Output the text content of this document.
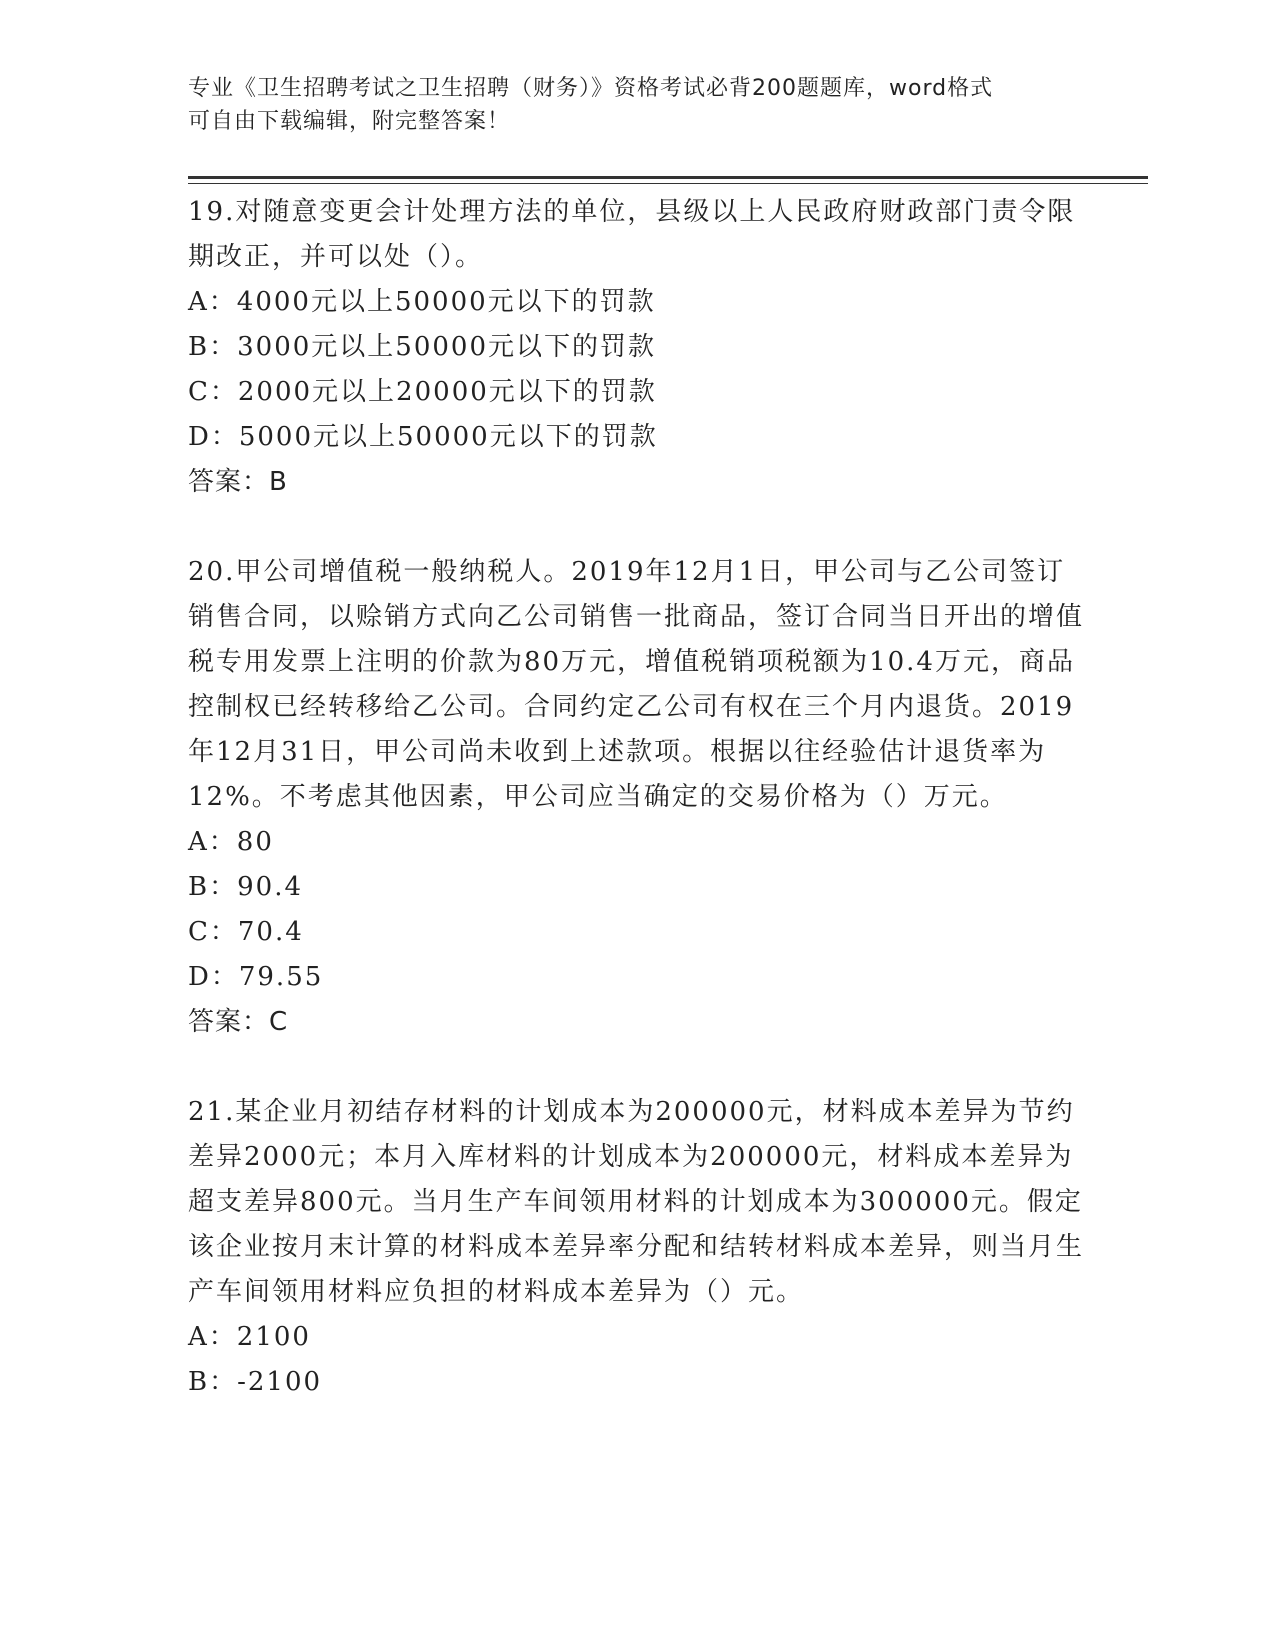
专业《卫生招聘考试之卫生招聘（财务）》资格考试必背200题题库，word格式
可自由下载编辑，附完整答案！

19.对随意变更会计处理方法的单位，县级以上人民政府财政部门责令限期改正，并可以处（）。

A：4000元以上50000元以下的罚款

B：3000元以上50000元以下的罚款

C：2000元以上20000元以下的罚款

D：5000元以上50000元以下的罚款

答案：B

20.甲公司增值税一般纳税人。2019年12月1日，甲公司与乙公司签订销售合同，以赊销方式向乙公司销售一批商品，签订合同当日开出的增值税专用发票上注明的价款为80万元，增值税销项税额为10.4万元，商品控制权已经转移给乙公司。合同约定乙公司有权在三个月内退货。2019年12月31日，甲公司尚未收到上述款项。根据以往经验估计退货率为12%。不考虑其他因素，甲公司应当确定的交易价格为（）万元。

A：80

B：90.4

C：70.4

D：79.55

答案：C

21.某企业月初结存材料的计划成本为200000元，材料成本差异为节约差异2000元；本月入库材料的计划成本为200000元，材料成本差异为超支差异800元。当月生产车间领用材料的计划成本为300000元。假定该企业按月末计算的材料成本差异率分配和结转材料成本差异，则当月生产车间领用材料应负担的材料成本差异为（）元。

A：2100

B：-2100
